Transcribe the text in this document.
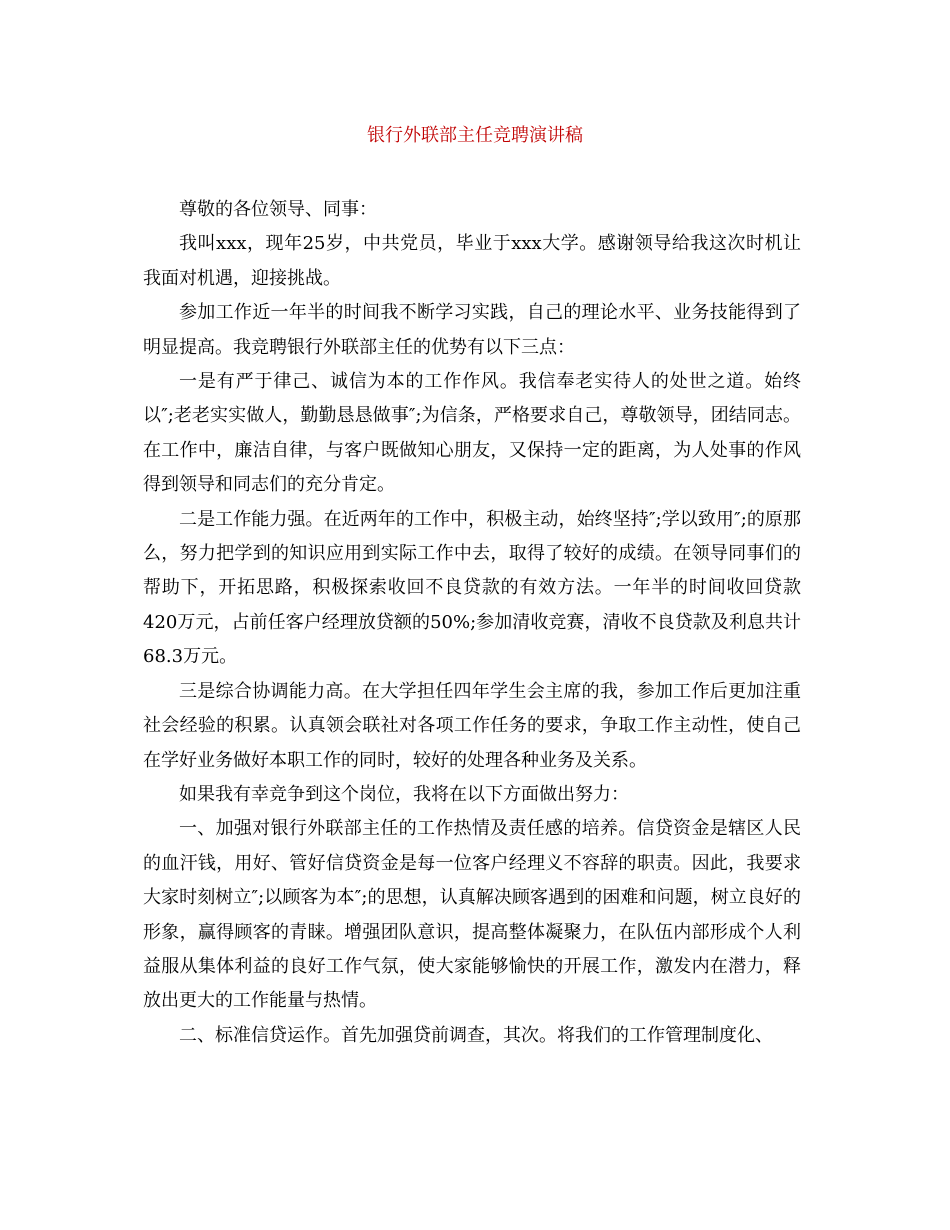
银行外联部主任竞聘演讲稿

尊敬的各位领导、同事：

我叫xxx，现年25岁，中共党员，毕业于xxx大学。感谢领导给我这次时机让我面对机遇，迎接挑战。

参加工作近一年半的时间我不断学习实践，自己的理论水平、业务技能得到了明显提高。我竞聘银行外联部主任的优势有以下三点：

一是有严于律己、诚信为本的工作作风。我信奉老实待人的处世之道。始终以″;老老实实做人，勤勤恳恳做事″;为信条，严格要求自己，尊敬领导，团结同志。在工作中，廉洁自律，与客户既做知心朋友，又保持一定的距离，为人处事的作风得到领导和同志们的充分肯定。

二是工作能力强。在近两年的工作中，积极主动，始终坚持″;学以致用″;的原那么，努力把学到的知识应用到实际工作中去，取得了较好的成绩。在领导同事们的帮助下，开拓思路，积极探索收回不良贷款的有效方法。一年半的时间收回贷款420万元，占前任客户经理放贷额的50%;参加清收竞赛，清收不良贷款及利息共计68.3万元。

三是综合协调能力高。在大学担任四年学生会主席的我，参加工作后更加注重社会经验的积累。认真领会联社对各项工作任务的要求，争取工作主动性，使自己在学好业务做好本职工作的同时，较好的处理各种业务及关系。

如果我有幸竞争到这个岗位，我将在以下方面做出努力：

一、加强对银行外联部主任的工作热情及责任感的培养。信贷资金是辖区人民的血汗钱，用好、管好信贷资金是每一位客户经理义不容辞的职责。因此，我要求大家时刻树立″;以顾客为本″;的思想，认真解决顾客遇到的困难和问题，树立良好的形象，赢得顾客的青睐。增强团队意识，提高整体凝聚力，在队伍内部形成个人利益服从集体利益的良好工作气氛，使大家能够愉快的开展工作，激发内在潜力，释放出更大的工作能量与热情。

二、标准信贷运作。首先加强贷前调查，其次。将我们的工作管理制度化、
